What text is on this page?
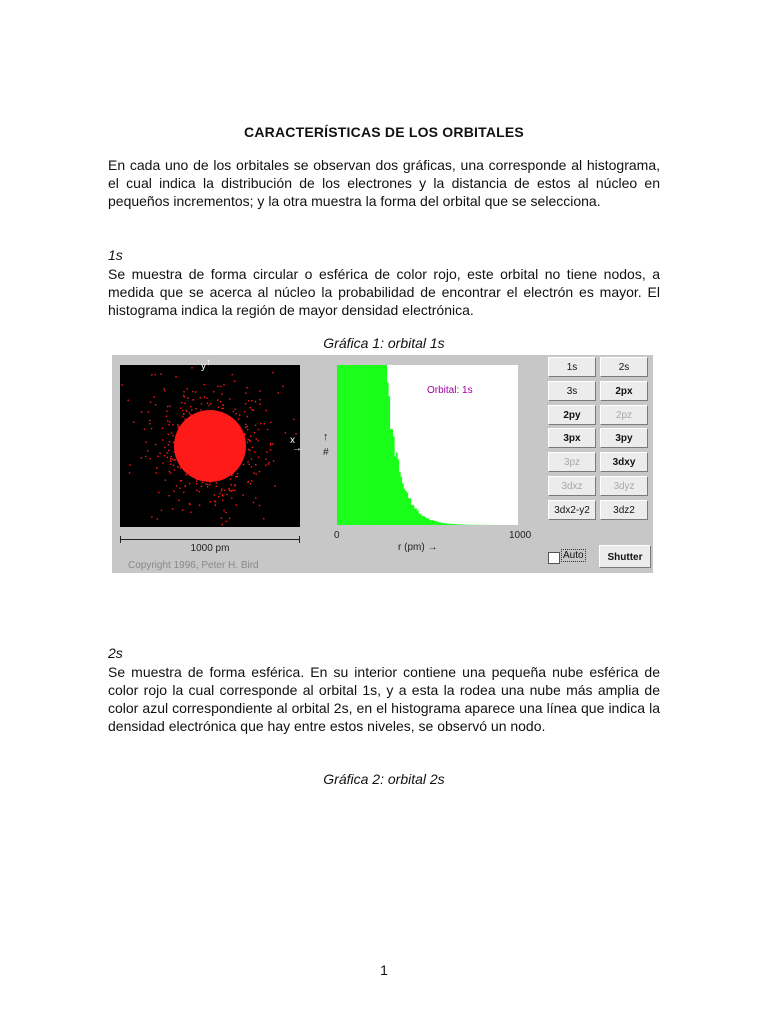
CARACTERÍSTICAS DE LOS ORBITALES
En cada uno de los orbitales se observan dos gráficas, una corresponde al histograma, el cual indica la distribución de los electrones y la distancia de estos al núcleo en pequeños incrementos; y la otra muestra la forma del orbital que se selecciona.
1s
Se muestra de forma circular o esférica de color rojo, este orbital no tiene nodos, a medida que se acerca al núcleo la probabilidad de encontrar el electrón es mayor. El histograma indica la región de mayor densidad electrónica.
Gráfica 1: orbital 1s
y ↑
x
→
1000 pm
Copyright 1996, Peter H. Bird
↑
#
Orbital: 1s
0	1000
r (pm) →
1s	2s
3s	2px
2py	2pz
3px	3py
3pz	3dxy
3dxz	3dyz
3dx2-y2	3dz2
Auto	Shutter
2s
Se muestra de forma esférica. En su interior contiene una pequeña nube esférica de color rojo la cual corresponde al orbital 1s, y a esta la rodea una nube más amplia de color azul correspondiente al orbital 2s, en el histograma aparece una línea que indica la densidad electrónica que hay entre estos niveles, se observó un nodo.
Gráfica 2: orbital 2s
1
